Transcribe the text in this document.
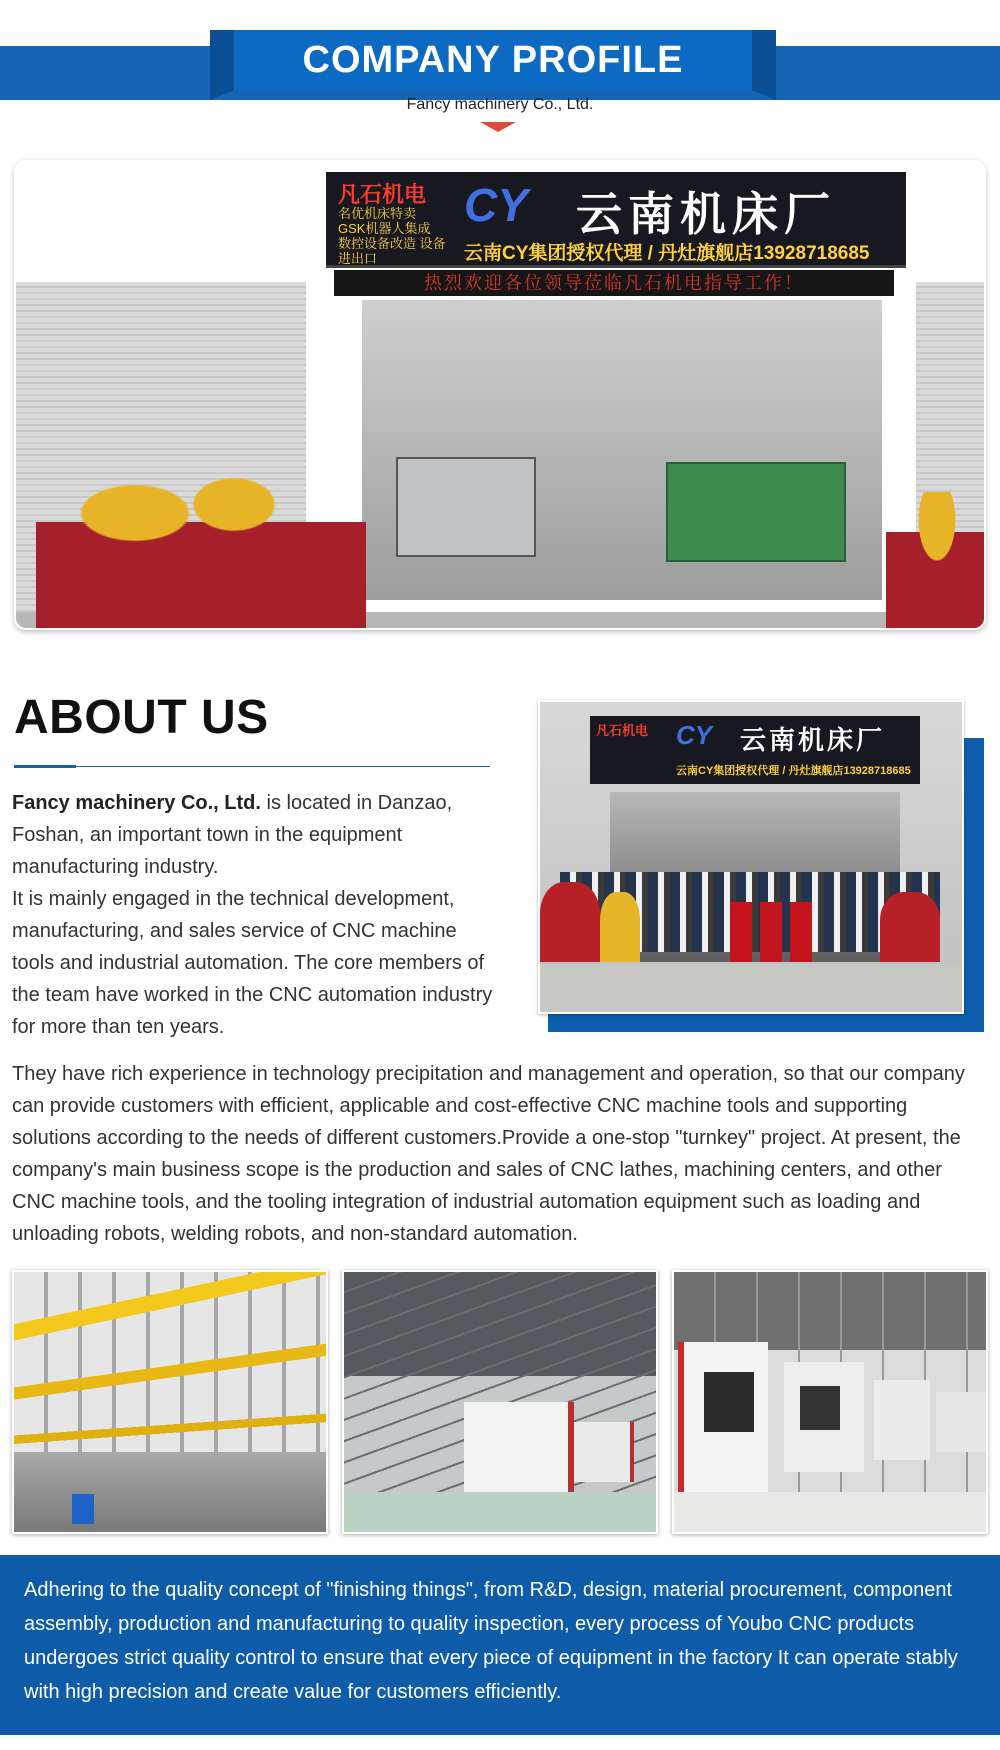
COMPANY PROFILE
Fancy machinery Co., Ltd.
凡石机电
名优机床特卖 GSK机器人集成 数控设备改造 设备进出口
CY 云南机床厂
云南CY集团授权代理 / 丹灶旗舰店13928718685
热烈欢迎各位领导莅临凡石机电指导工作！
ABOUT US
Fancy machinery Co., Ltd. is located in Danzao, Foshan, an important town in the equipment manufacturing industry.
It is mainly engaged in the technical development, manufacturing, and sales service of CNC machine tools and industrial automation. The core members of the team have worked in the CNC automation industry for more than ten years.
凡石机电 CY 云南机床厂
云南CY集团授权代理 / 丹灶旗舰店13928718685
They have rich experience in technology precipitation and management and operation, so that our company can provide customers with efficient, applicable and cost-effective CNC machine tools and supporting solutions according to the needs of different customers.Provide a one-stop "turnkey" project. At present, the company's main business scope is the production and sales of CNC lathes, machining centers, and other CNC machine tools, and the tooling integration of industrial automation equipment such as loading and unloading robots, welding robots, and non-standard automation.
Adhering to the quality concept of "finishing things", from R&D, design, material procurement, component assembly, production and manufacturing to quality inspection, every process of Youbo CNC products undergoes strict quality control to ensure that every piece of equipment in the factory It can operate stably with high precision and create value for customers efficiently.
